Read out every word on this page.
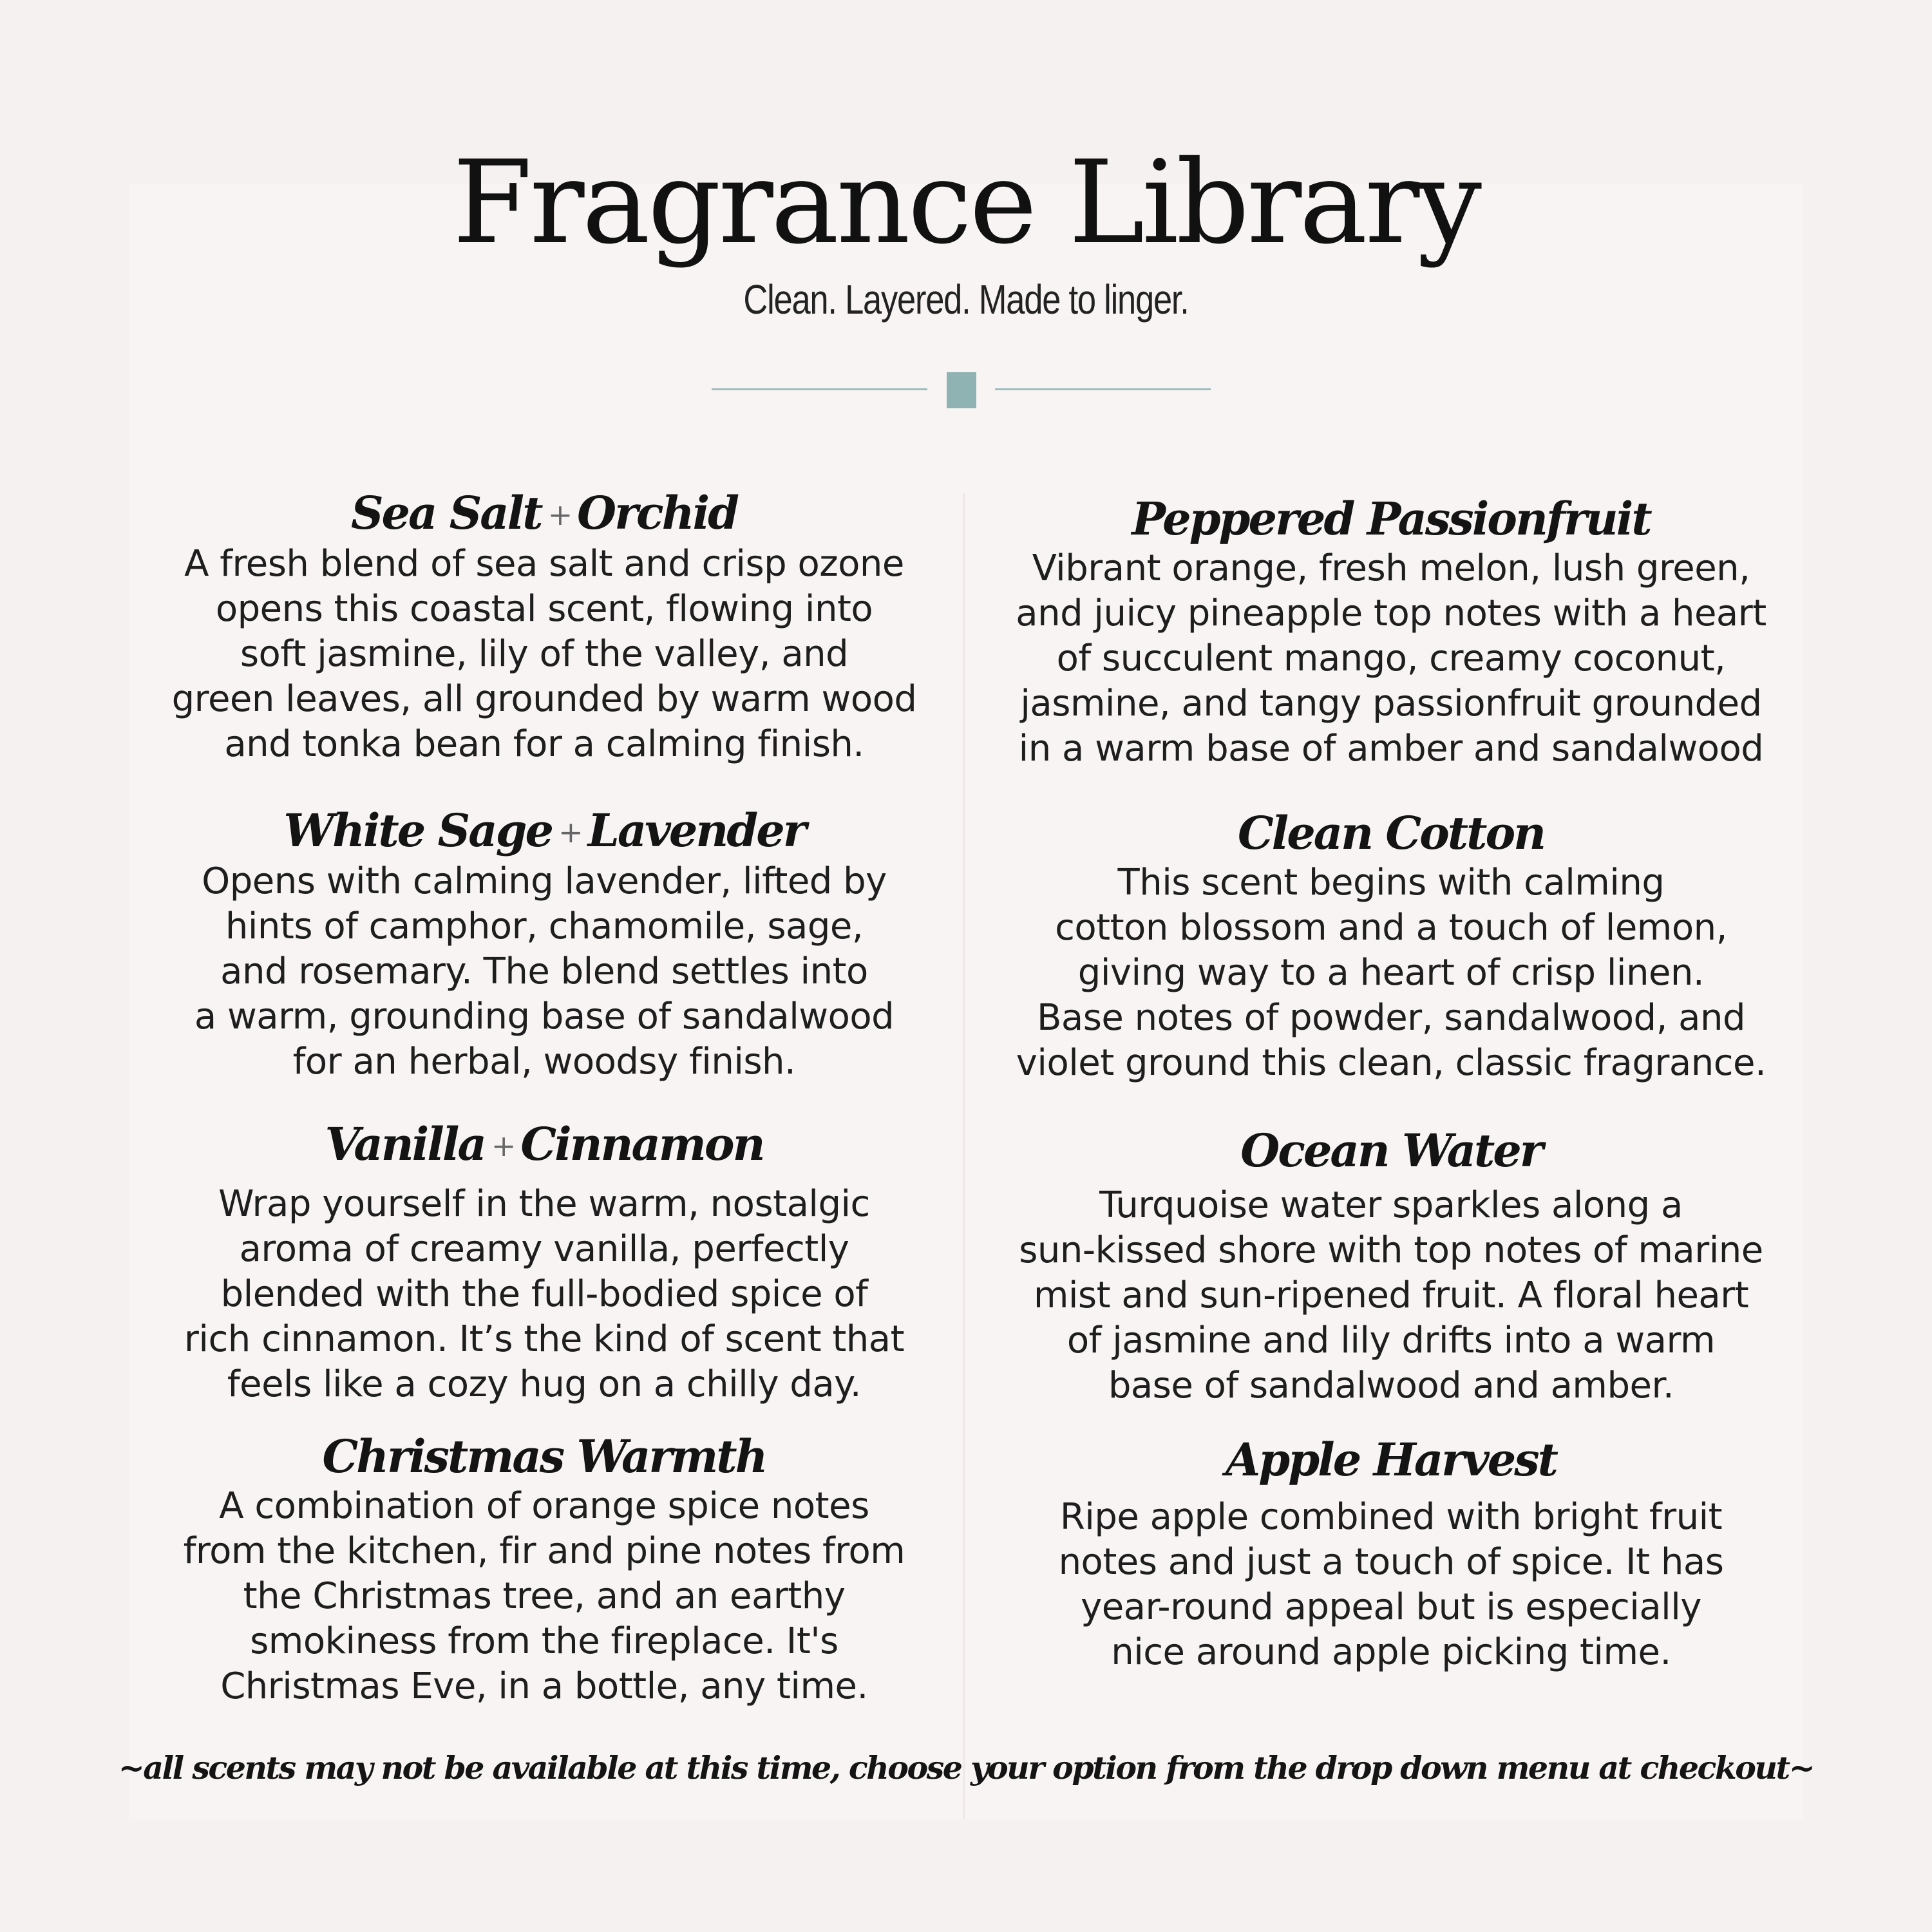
Fragrance Library
Clean. Layered. Made to linger.
Sea Salt + Orchid

A fresh blend of sea salt and crisp ozone
opens this coastal scent, flowing into
soft jasmine, lily of the valley, and
green leaves, all grounded by warm wood
and tonka bean for a calming finish.

White Sage + Lavender

Opens with calming lavender, lifted by
hints of camphor, chamomile, sage,
and rosemary. The blend settles into
a warm, grounding base of sandalwood
for an herbal, woodsy finish.

Vanilla + Cinnamon

Wrap yourself in the warm, nostalgic
aroma of creamy vanilla, perfectly
blended with the full-bodied spice of
rich cinnamon. It’s the kind of scent that
feels like a cozy hug on a chilly day.

Christmas Warmth

A combination of orange spice notes
from the kitchen, fir and pine notes from
the Christmas tree, and an earthy
smokiness from the fireplace. It's
Christmas Eve, in a bottle, any time.

Peppered Passionfruit

Vibrant orange, fresh melon, lush green,
and juicy pineapple top notes with a heart
of succulent mango, creamy coconut,
jasmine, and tangy passionfruit grounded
in a warm base of amber and sandalwood

Clean Cotton

This scent begins with calming
cotton blossom and a touch of lemon,
giving way to a heart of crisp linen.
Base notes of powder, sandalwood, and
violet ground this clean, classic fragrance.

Ocean Water

Turquoise water sparkles along a
sun-kissed shore with top notes of marine
mist and sun-ripened fruit. A floral heart
of jasmine and lily drifts into a warm
base of sandalwood and amber.

Apple Harvest

Ripe apple combined with bright fruit
notes and just a touch of spice. It has
year-round appeal but is especially
nice around apple picking time.

~all scents may not be available at this time, choose your option from the drop down menu at checkout~
